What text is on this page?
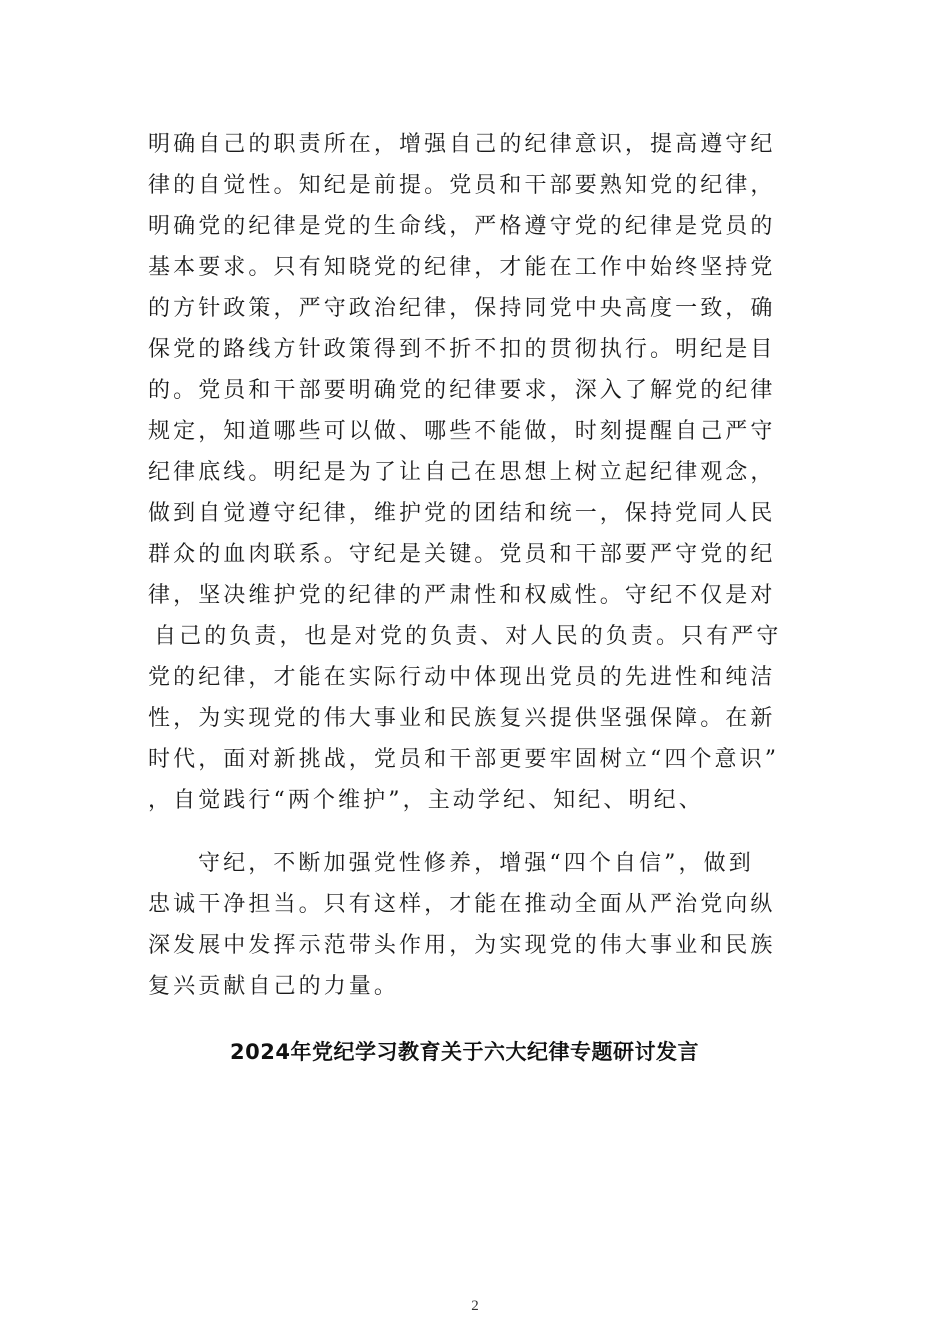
明确自己的职责所在，增强自己的纪律意识，提高遵守纪
律的自觉性。知纪是前提。党员和干部要熟知党的纪律，
明确党的纪律是党的生命线，严格遵守党的纪律是党员的
基本要求。只有知晓党的纪律，才能在工作中始终坚持党
的方针政策，严守政治纪律，保持同党中央高度一致，确
保党的路线方针政策得到不折不扣的贯彻执行。明纪是目
的。党员和干部要明确党的纪律要求，深入了解党的纪律
规定，知道哪些可以做、哪些不能做，时刻提醒自己严守
纪律底线。明纪是为了让自己在思想上树立起纪律观念，
做到自觉遵守纪律，维护党的团结和统一，保持党同人民
群众的血肉联系。守纪是关键。党员和干部要严守党的纪
律，坚决维护党的纪律的严肃性和权威性。守纪不仅是对
自己的负责，也是对党的负责、对人民的负责。只有严守
党的纪律，才能在实际行动中体现出党员的先进性和纯洁
性，为实现党的伟大事业和民族复兴提供坚强保障。在新
时代，面对新挑战，党员和干部更要牢固树立“四个意识”
，自觉践行“两个维护”，主动学纪、知纪、明纪、
守纪，不断加强党性修养，增强“四个自信”，做到
忠诚干净担当。只有这样，才能在推动全面从严治党向纵
深发展中发挥示范带头作用，为实现党的伟大事业和民族
复兴贡献自己的力量。
2024年党纪学习教育关于六大纪律专题研讨发言
2
